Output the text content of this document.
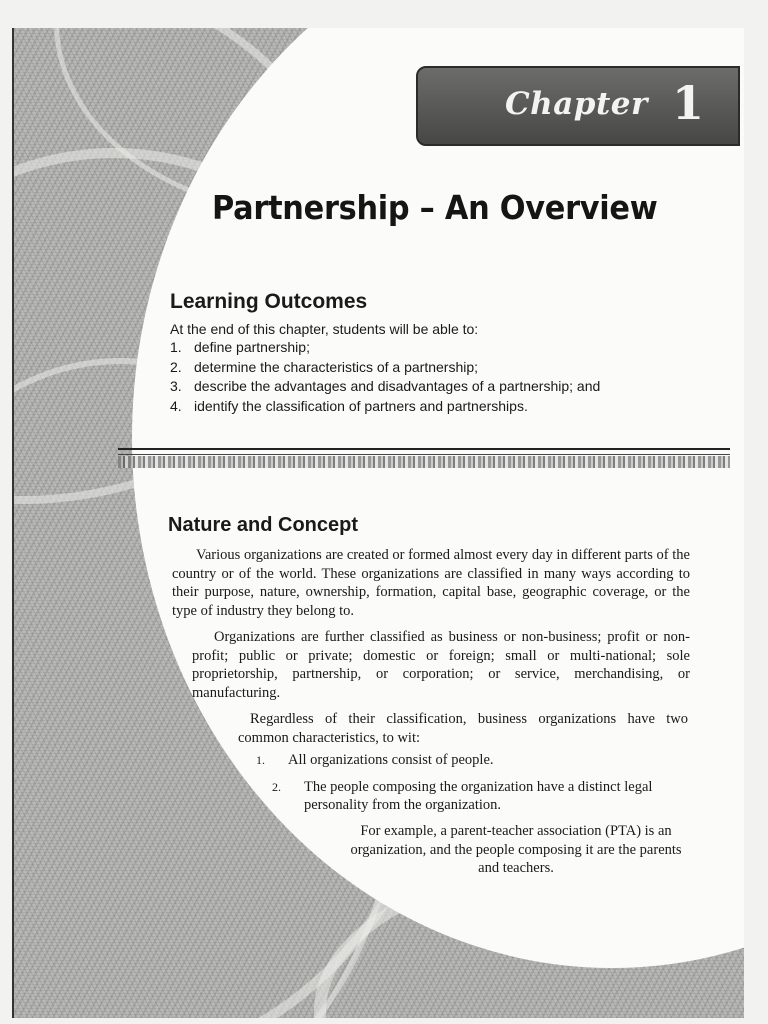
Chapter 1
Partnership – An Overview
Learning Outcomes

At the end of this chapter, students will be able to:

1. define partnership;
2. determine the characteristics of a partnership;
3. describe the advantages and disadvantages of a partnership; and
4. identify the classification of partners and partnerships.
Nature and Concept

Various organizations are created or formed almost every day in different parts of the country or of the world. These organizations are classified in many ways according to their purpose, nature, ownership, formation, capital base, geographic coverage, or the type of industry they belong to.

Organizations are further classified as business or non-business; profit or non-profit; public or private; domestic or foreign; small or multi-national; sole proprietorship, partnership, or corporation; or service, merchandising, or manufacturing.

Regardless of their classification, business organizations have two common characteristics, to wit:

1. All organizations consist of people.

2. The people composing the organization have a distinct legal personality from the organization.

For example, a parent-teacher association (PTA) is an organization, and the people composing it are the parents and teachers.
